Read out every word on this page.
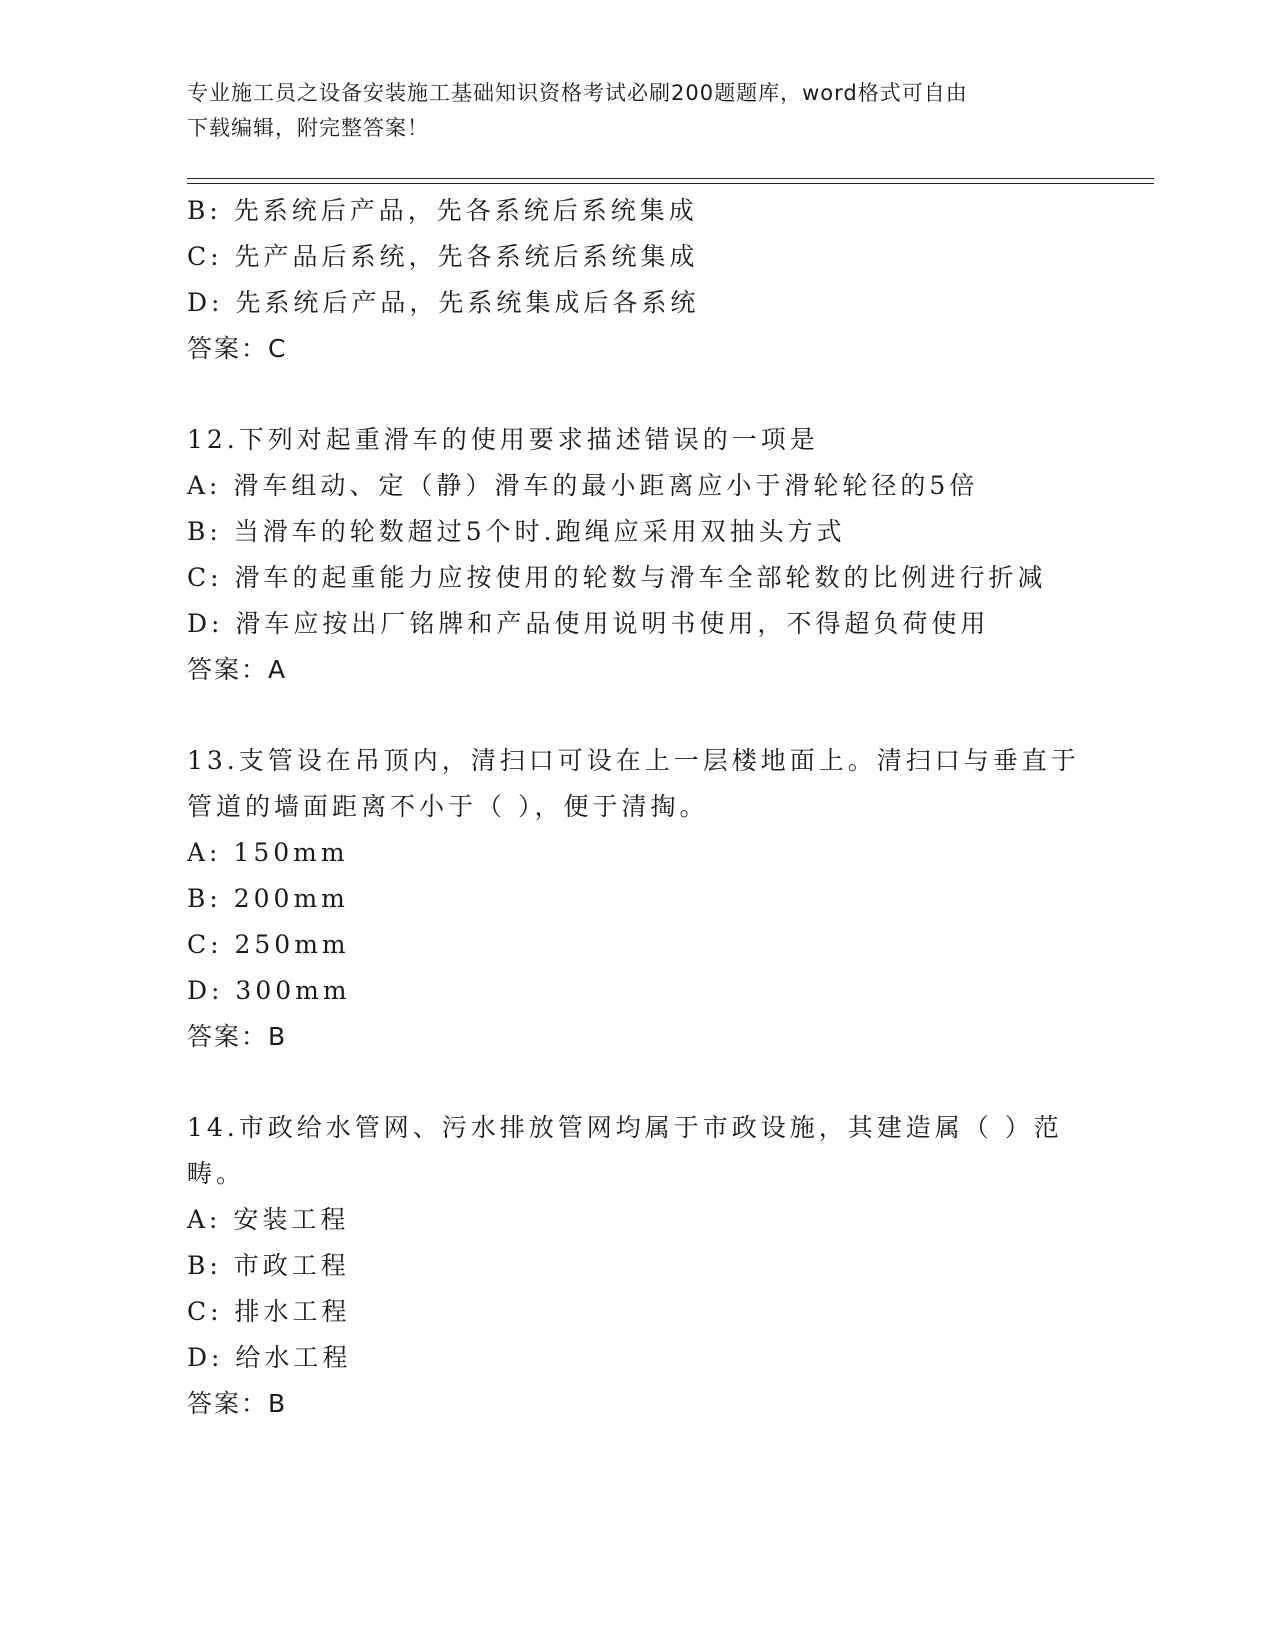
专业施工员之设备安装施工基础知识资格考试必刷200题题库，word格式可自由
下载编辑，附完整答案！
B: 先系统后产品，先各系统后系统集成
C: 先产品后系统，先各系统后系统集成
D: 先系统后产品，先系统集成后各系统
答案：C
12.下列对起重滑车的使用要求描述错误的一项是
A: 滑车组动、定（静）滑车的最小距离应小于滑轮轮径的5倍
B: 当滑车的轮数超过5个时.跑绳应采用双抽头方式
C: 滑车的起重能力应按使用的轮数与滑车全部轮数的比例进行折减
D: 滑车应按出厂铭牌和产品使用说明书使用，不得超负荷使用
答案：A
13.支管设在吊顶内，清扫口可设在上一层楼地面上。清扫口与垂直于
管道的墙面距离不小于（ ），便于清掏。
A: 150mm
B: 200mm
C: 250mm
D: 300mm
答案：B
14.市政给水管网、污水排放管网均属于市政设施，其建造属（ ）范
畴。
A: 安装工程
B: 市政工程
C: 排水工程
D: 给水工程
答案：B
